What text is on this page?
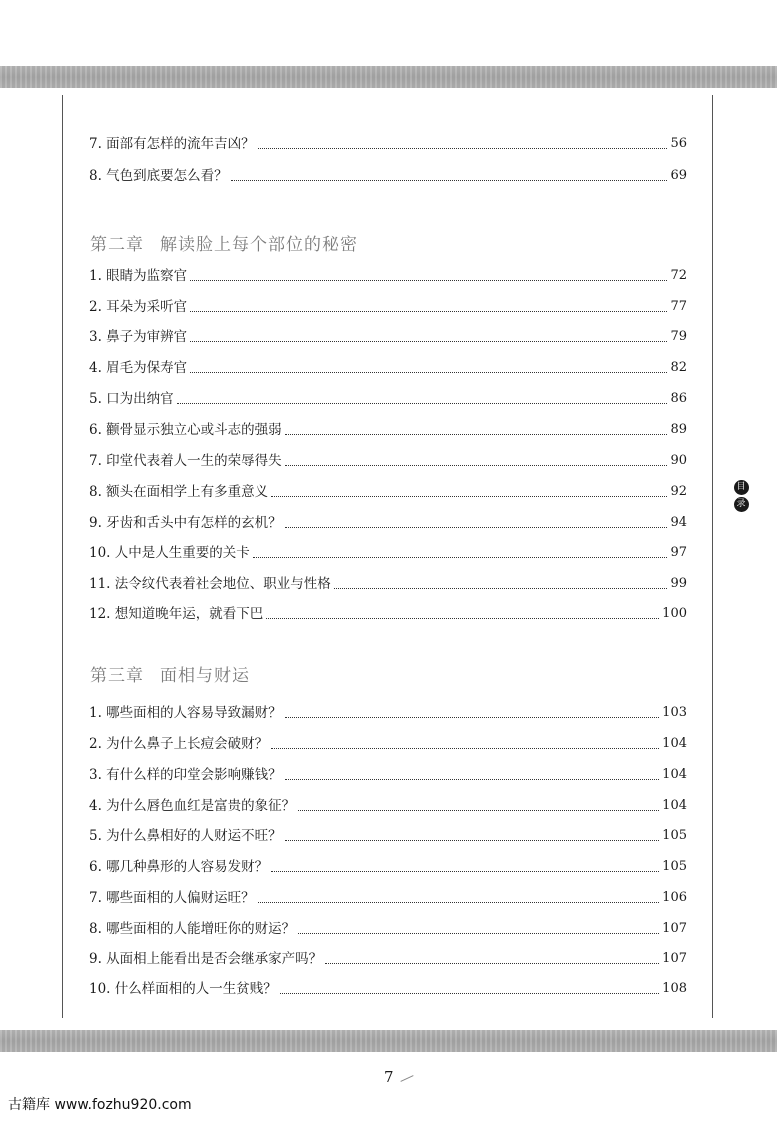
7. 面部有怎样的流年吉凶？	56
8. 气色到底要怎么看？	69
第二章 解读脸上每个部位的秘密
1. 眼睛为监察官	72
2. 耳朵为采听官	77
3. 鼻子为审辨官	79
4. 眉毛为保寿官	82
5. 口为出纳官	86
6. 颧骨显示独立心或斗志的强弱	89
7. 印堂代表着人一生的荣辱得失	90
8. 额头在面相学上有多重意义	92
9. 牙齿和舌头中有怎样的玄机？	94
10. 人中是人生重要的关卡	97
11. 法令纹代表着社会地位、职业与性格	99
12. 想知道晚年运，就看下巴	100
第三章 面相与财运
1. 哪些面相的人容易导致漏财？	103
2. 为什么鼻子上长痘会破财？	104
3. 有什么样的印堂会影响赚钱？	104
4. 为什么唇色血红是富贵的象征？	104
5. 为什么鼻相好的人财运不旺？	105
6. 哪几种鼻形的人容易发财？	105
7. 哪些面相的人偏财运旺？	106
8. 哪些面相的人能增旺你的财运？	107
9. 从面相上能看出是否会继承家产吗？	107
10. 什么样面相的人一生贫贱？	108
目
录
7
古籍库 www.fozhu920.com
